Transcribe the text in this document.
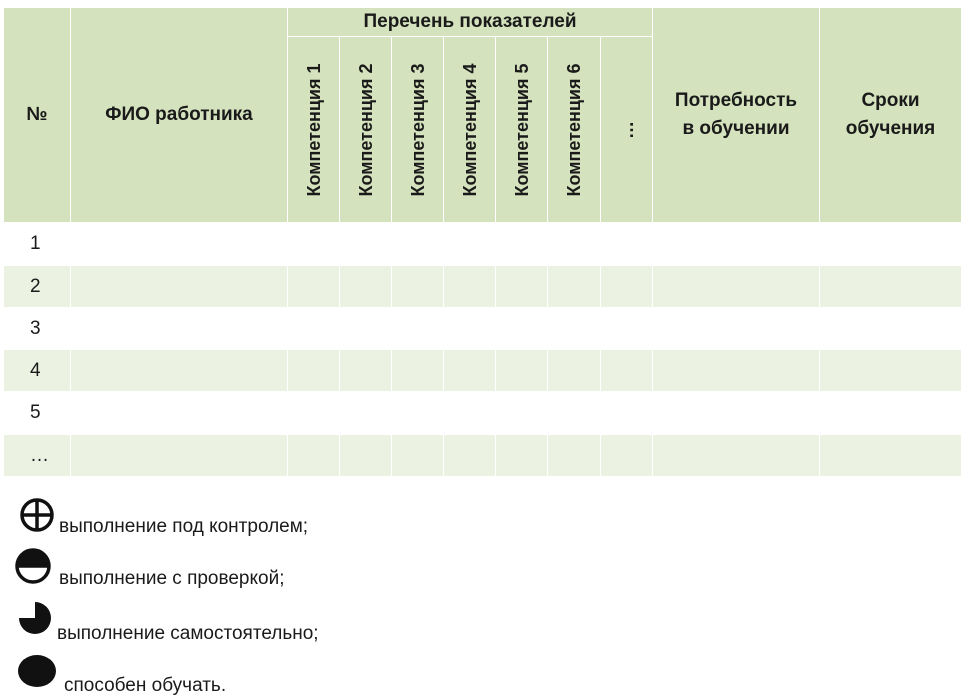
№	ФИО работника	Перечень показателей							Потребность в обучении	Сроки обучения

		Компетенция 1	Компетенция 2	Компетенция 3	Компетенция 4	Компетенция 5	Компетенция 6	…		

1										
2										
3										
4										
5										
…										
выполнение под контролем;
выполнение с проверкой;
выполнение самостоятельно;
способен обучать.
